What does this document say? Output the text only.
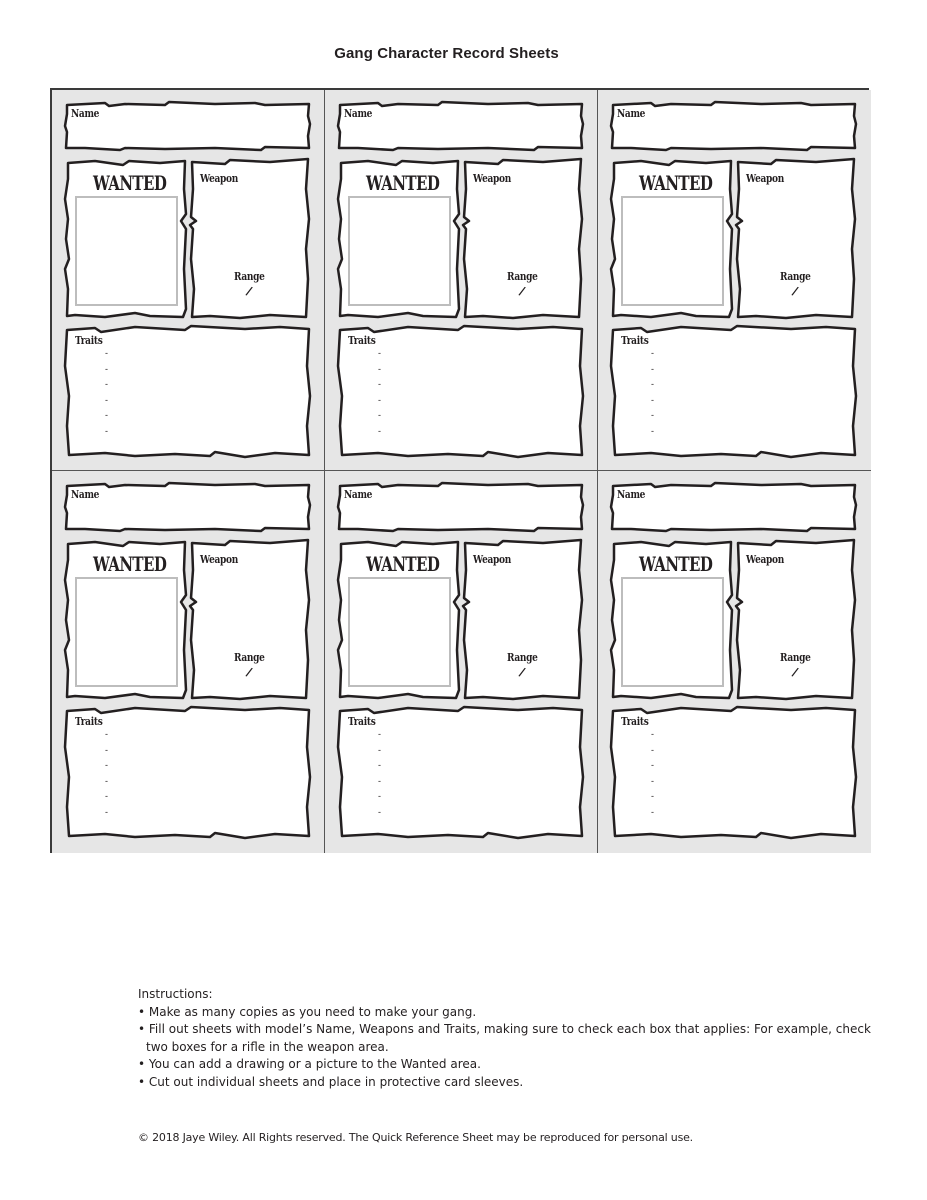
Gang Character Record Sheets
Name
WANTED	Weapon
Range
/
Traits
-
-
-
-
-
-
Name
WANTED	Weapon
Range
/
Traits
-
-
-
-
-
-
Name
WANTED	Weapon
Range
/
Traits
-
-
-
-
-
-
Name
WANTED	Weapon
Range
/
Traits
-
-
-
-
-
-
Name
WANTED	Weapon
Range
/
Traits
-
-
-
-
-
-
Name
WANTED	Weapon
Range
/
Traits
-
-
-
-
-
-

Instructions:

• Make as many copies as you need to make your gang.
• Fill out sheets with model’s Name, Weapons and Traits, making sure to check each box that applies: For example, check two boxes for a rifle in the weapon area.
• You can add a drawing or a picture to the Wanted area.
• Cut out individual sheets and place in protective card sleeves.
© 2018 Jaye Wiley. All Rights reserved. The Quick Reference Sheet may be reproduced for personal use.
